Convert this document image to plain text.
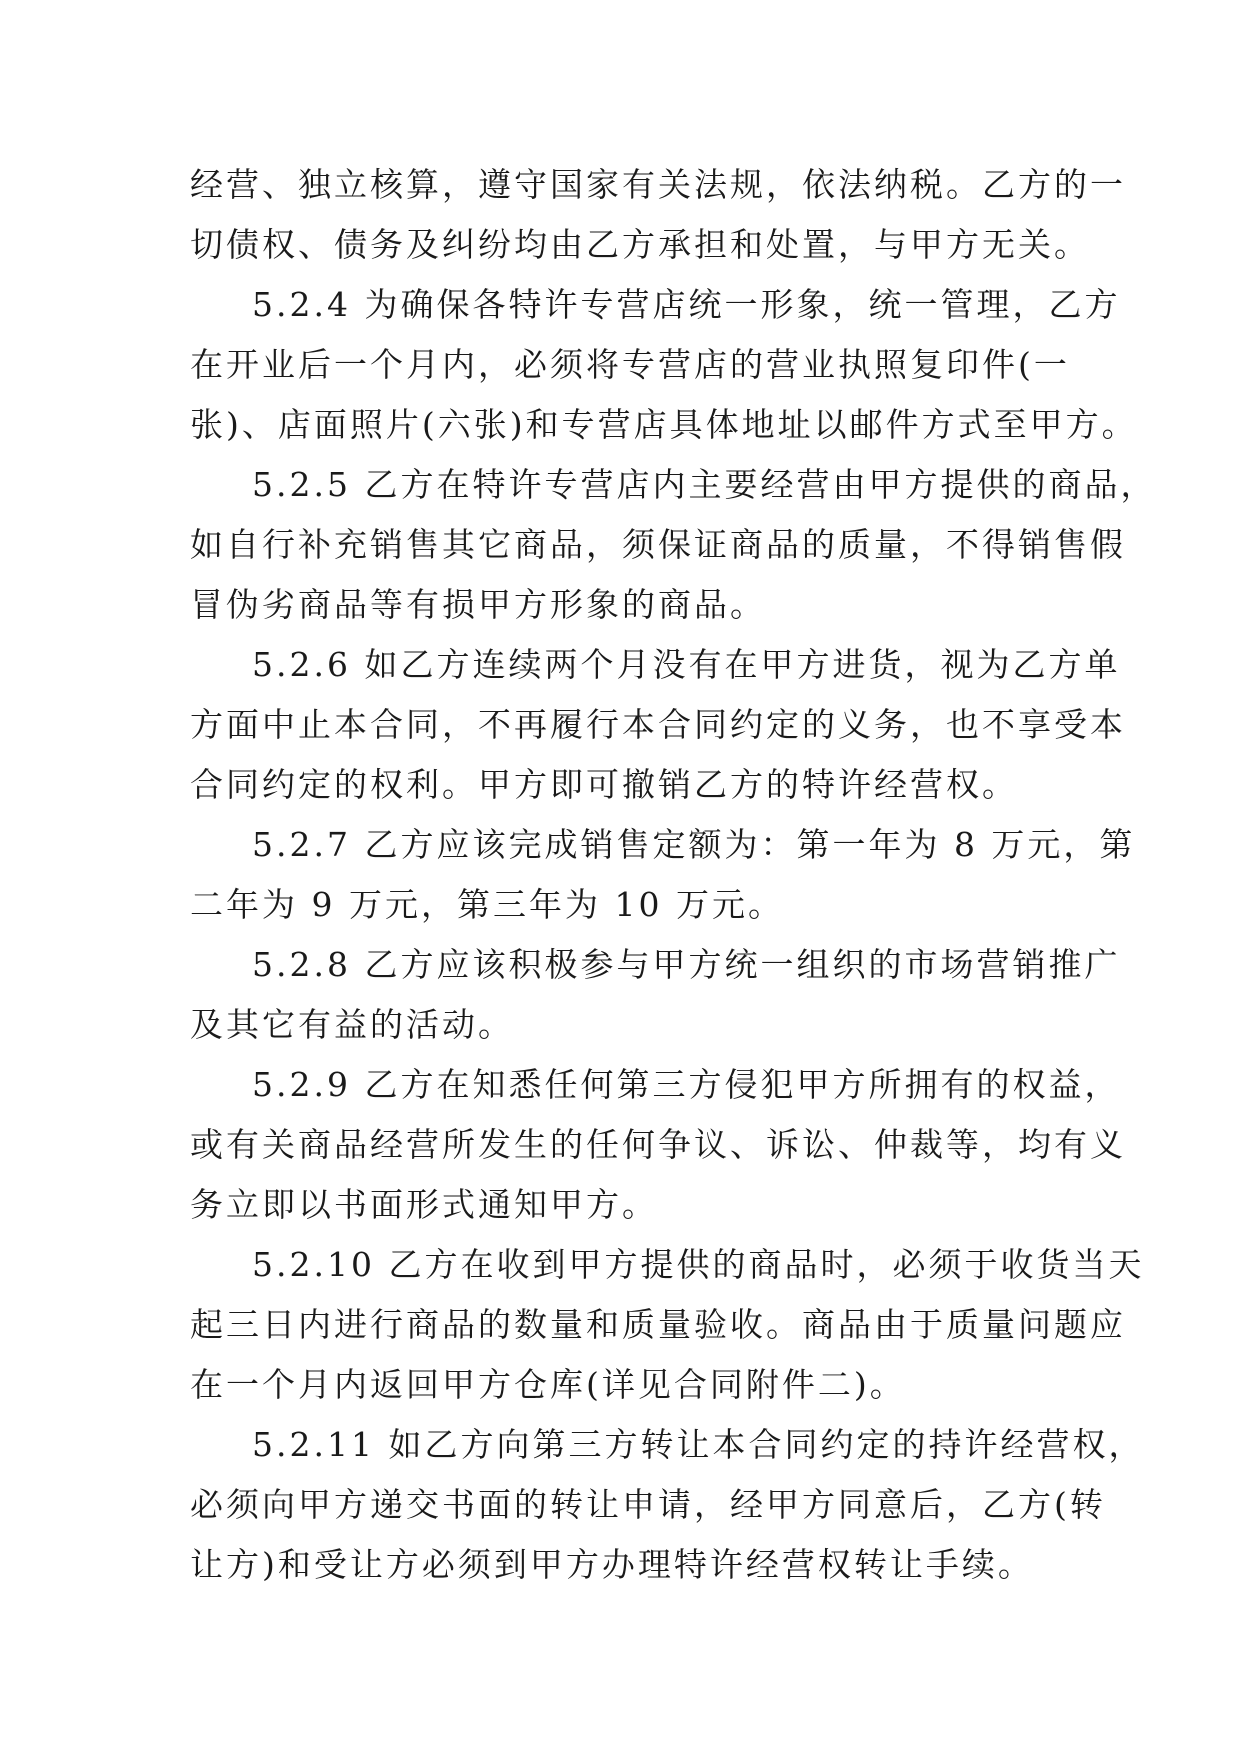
经营、独立核算，遵守国家有关法规，依法纳税。乙方的一
切债权、债务及纠纷均由乙方承担和处置，与甲方无关。
5.2.4 为确保各特许专营店统一形象，统一管理，乙方
在开业后一个月内，必须将专营店的营业执照复印件(一
张)、店面照片(六张)和专营店具体地址以邮件方式至甲方。
5.2.5 乙方在特许专营店内主要经营由甲方提供的商品，
如自行补充销售其它商品，须保证商品的质量，不得销售假
冒伪劣商品等有损甲方形象的商品。
5.2.6 如乙方连续两个月没有在甲方进货，视为乙方单
方面中止本合同，不再履行本合同约定的义务，也不享受本
合同约定的权利。甲方即可撤销乙方的特许经营权。
5.2.7 乙方应该完成销售定额为：第一年为 8 万元，第
二年为 9 万元，第三年为 10 万元。
5.2.8 乙方应该积极参与甲方统一组织的市场营销推广
及其它有益的活动。
5.2.9 乙方在知悉任何第三方侵犯甲方所拥有的权益，
或有关商品经营所发生的任何争议、诉讼、仲裁等，均有义
务立即以书面形式通知甲方。
5.2.10 乙方在收到甲方提供的商品时，必须于收货当天
起三日内进行商品的数量和质量验收。商品由于质量问题应
在一个月内返回甲方仓库(详见合同附件二)。
5.2.11 如乙方向第三方转让本合同约定的持许经营权，
必须向甲方递交书面的转让申请，经甲方同意后，乙方(转
让方)和受让方必须到甲方办理特许经营权转让手续。
